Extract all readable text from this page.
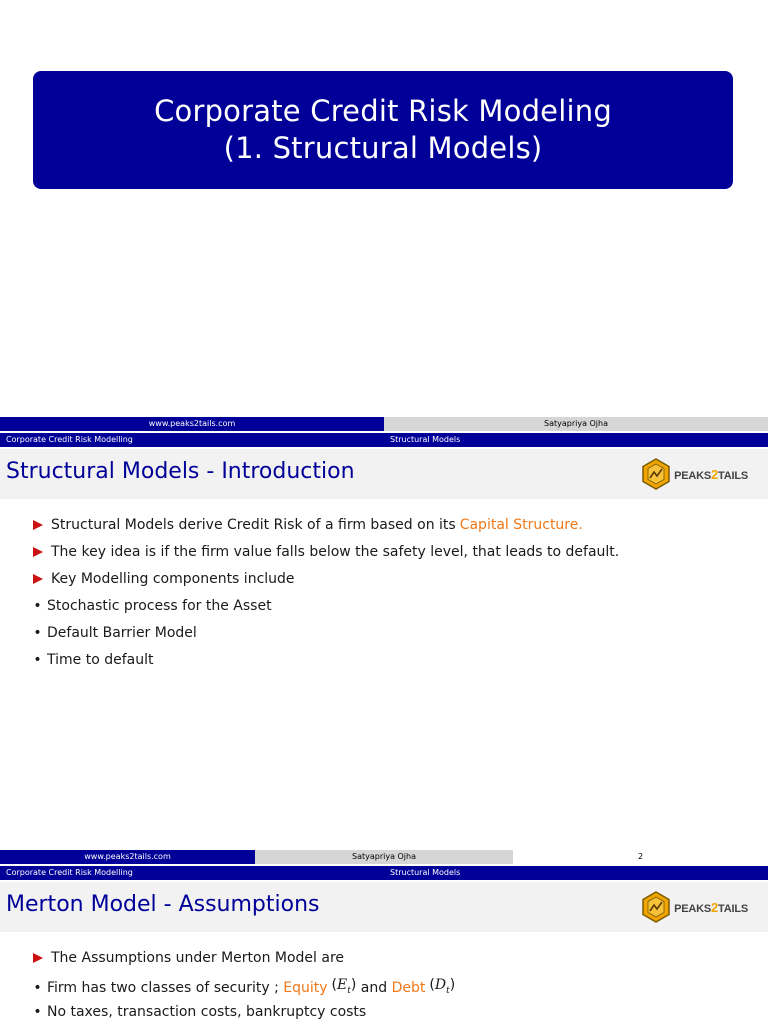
Corporate Credit Risk Modeling
(1. Structural Models)
www.peaks2tails.com	Satyapriya Ojha
Corporate Credit Risk Modelling	Structural Models
Structural Models - Introduction	PEAKS2TAILS
Structural Models derive Credit Risk of a firm based on its Capital Structure.
The key idea is if the firm value falls below the safety level, that leads to default.
Key Modelling components include
• Stochastic process for the Asset
• Default Barrier Model
• Time to default
www.peaks2tails.com	Satyapriya Ojha	2
Corporate Credit Risk Modelling	Structural Models
Merton Model - Assumptions	PEAKS2TAILS
The Assumptions under Merton Model are
• Firm has two classes of security ; Equity $(E_t)$ and Debt $(D_t)$
• No taxes, transaction costs, bankruptcy costs
